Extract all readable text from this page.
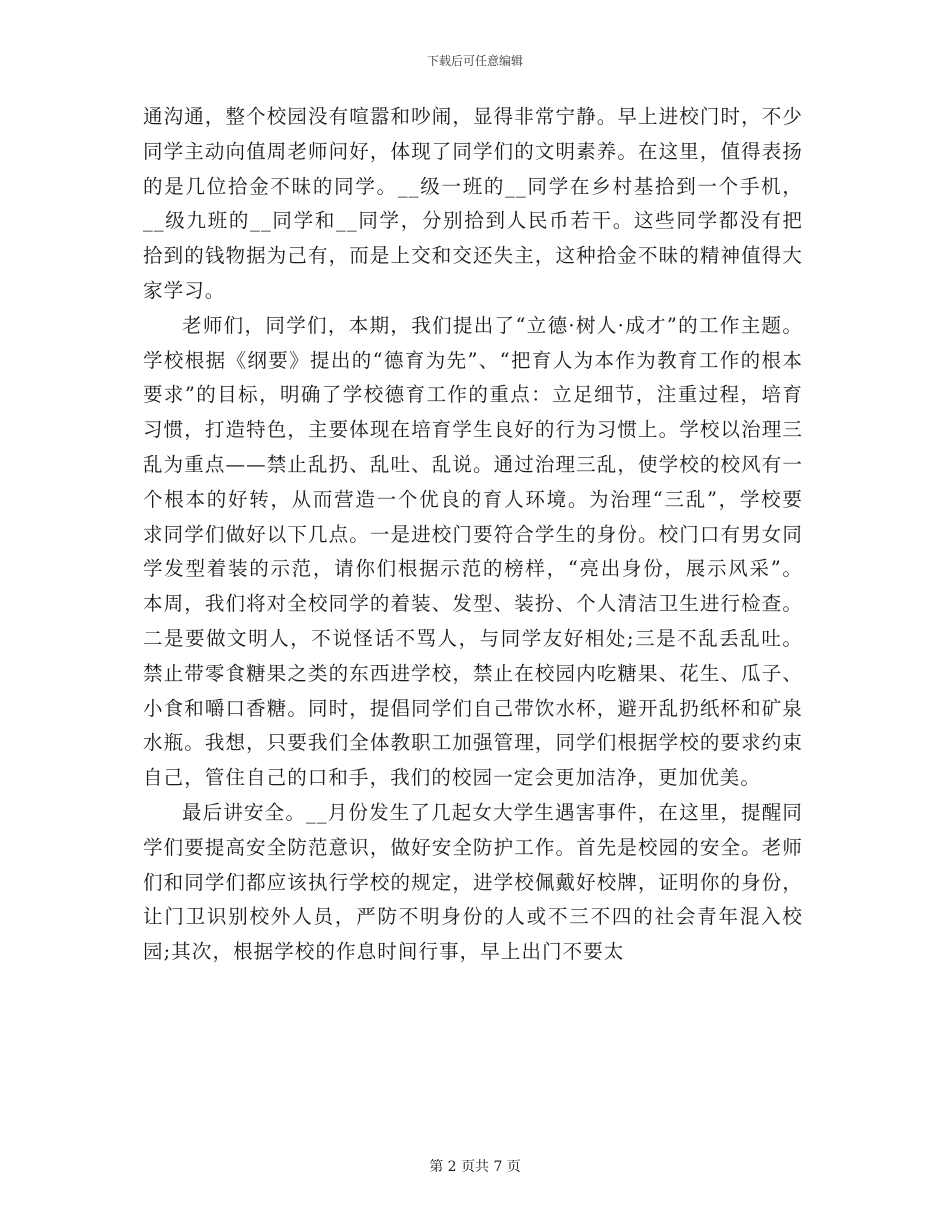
下载后可任意编辑

通沟通，整个校园没有喧嚣和吵闹，显得非常宁静。早上进校门时，不少同学主动向值周老师问好，体现了同学们的文明素养。在这里，值得表扬的是几位拾金不昧的同学。__级一班的__同学在乡村基拾到一个手机，__级九班的__同学和__同学，分别拾到人民币若干。这些同学都没有把拾到的钱物据为己有，而是上交和交还失主，这种拾金不昧的精神值得大家学习。

老师们，同学们，本期，我们提出了“立德·树人·成才”的工作主题。学校根据《纲要》提出的“德育为先”、“把育人为本作为教育工作的根本要求”的目标，明确了学校德育工作的重点：立足细节，注重过程，培育习惯，打造特色，主要体现在培育学生良好的行为习惯上。学校以治理三乱为重点——禁止乱扔、乱吐、乱说。通过治理三乱，使学校的校风有一个根本的好转，从而营造一个优良的育人环境。为治理“三乱”，学校要求同学们做好以下几点。一是进校门要符合学生的身份。校门口有男女同学发型着装的示范，请你们根据示范的榜样，“亮出身份，展示风采”。本周，我们将对全校同学的着装、发型、装扮、个人清洁卫生进行检查。二是要做文明人，不说怪话不骂人，与同学友好相处;三是不乱丢乱吐。禁止带零食糖果之类的东西进学校，禁止在校园内吃糖果、花生、瓜子、小食和嚼口香糖。同时，提倡同学们自己带饮水杯，避开乱扔纸杯和矿泉水瓶。我想，只要我们全体教职工加强管理，同学们根据学校的要求约束自己，管住自己的口和手，我们的校园一定会更加洁净，更加优美。

最后讲安全。__月份发生了几起女大学生遇害事件，在这里，提醒同学们要提高安全防范意识，做好安全防护工作。首先是校园的安全。老师们和同学们都应该执行学校的规定，进学校佩戴好校牌，证明你的身份，让门卫识别校外人员，严防不明身份的人或不三不四的社会青年混入校园;其次，根据学校的作息时间行事，早上出门不要太

第 2 页共 7 页
